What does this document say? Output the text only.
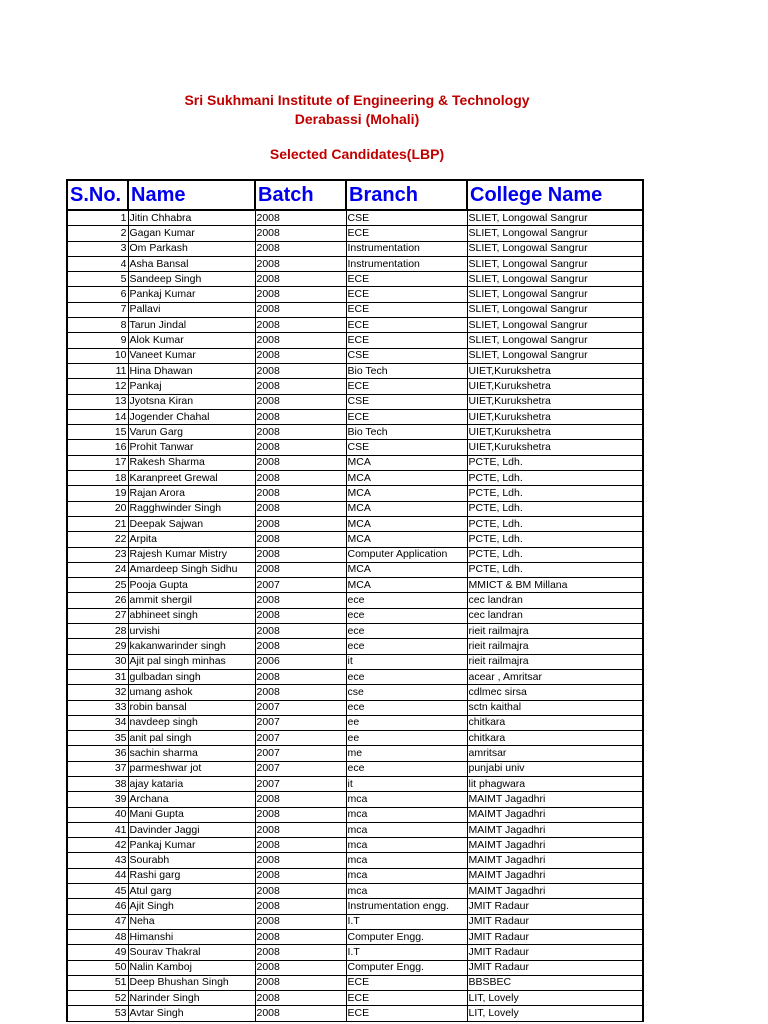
Sri Sukhmani Institute of Engineering & Technology
Derabassi (Mohali)
Selected Candidates(LBP)
S.No.	Name	Batch	Branch	College Name
1	Jitin Chhabra	2008	CSE	SLIET, Longowal Sangrur
2	Gagan Kumar	2008	ECE	SLIET, Longowal Sangrur
3	Om Parkash	2008	Instrumentation	SLIET, Longowal Sangrur
4	Asha Bansal	2008	Instrumentation	SLIET, Longowal Sangrur
5	Sandeep Singh	2008	ECE	SLIET, Longowal Sangrur
6	Pankaj Kumar	2008	ECE	SLIET, Longowal Sangrur
7	Pallavi	2008	ECE	SLIET, Longowal Sangrur
8	Tarun Jindal	2008	ECE	SLIET, Longowal Sangrur
9	Alok Kumar	2008	ECE	SLIET, Longowal Sangrur
10	Vaneet Kumar	2008	CSE	SLIET, Longowal Sangrur
11	Hina Dhawan	2008	Bio Tech	UIET,Kurukshetra
12	Pankaj	2008	ECE	UIET,Kurukshetra
13	Jyotsna Kiran	2008	CSE	UIET,Kurukshetra
14	Jogender Chahal	2008	ECE	UIET,Kurukshetra
15	Varun Garg	2008	Bio Tech	UIET,Kurukshetra
16	Prohit Tanwar	2008	CSE	UIET,Kurukshetra
17	Rakesh Sharma	2008	MCA	PCTE, Ldh.
18	Karanpreet Grewal	2008	MCA	PCTE, Ldh.
19	Rajan Arora	2008	MCA	PCTE, Ldh.
20	Ragghwinder Singh	2008	MCA	PCTE, Ldh.
21	Deepak Sajwan	2008	MCA	PCTE, Ldh.
22	Arpita	2008	MCA	PCTE, Ldh.
23	Rajesh Kumar Mistry	2008	Computer Application	PCTE, Ldh.
24	Amardeep Singh Sidhu	2008	MCA	PCTE, Ldh.
25	Pooja Gupta	2007	MCA	MMICT & BM Millana
26	ammit shergil	2008	ece	cec landran
27	abhineet singh	2008	ece	cec landran
28	urvishi	2008	ece	rieit railmajra
29	kakanwarinder singh	2008	ece	rieit railmajra
30	Ajit pal singh minhas	2006	it	rieit railmajra
31	gulbadan singh	2008	ece	acear , Amritsar
32	umang ashok	2008	cse	cdlmec sirsa
33	robin bansal	2007	ece	sctn kaithal
34	navdeep singh	2007	ee	chitkara
35	anit pal singh	2007	ee	chitkara
36	sachin sharma	2007	me	amritsar
37	parmeshwar jot	2007	ece	punjabi univ
38	ajay kataria	2007	it	lit phagwara
39	Archana	2008	mca	MAIMT Jagadhri
40	Mani Gupta	2008	mca	MAIMT Jagadhri
41	Davinder Jaggi	2008	mca	MAIMT Jagadhri
42	Pankaj Kumar	2008	mca	MAIMT Jagadhri
43	Sourabh	2008	mca	MAIMT Jagadhri
44	Rashi garg	2008	mca	MAIMT Jagadhri
45	Atul garg	2008	mca	MAIMT Jagadhri
46	Ajit Singh	2008	Instrumentation engg.	JMIT Radaur
47	Neha	2008	I.T	JMIT Radaur
48	Himanshi	2008	Computer Engg.	JMIT Radaur
49	Sourav Thakral	2008	I.T	JMIT Radaur
50	Nalin Kamboj	2008	Computer Engg.	JMIT Radaur
51	Deep Bhushan Singh	2008	ECE	BBSBEC
52	Narinder Singh	2008	ECE	LIT, Lovely
53	Avtar Singh	2008	ECE	LIT, Lovely
